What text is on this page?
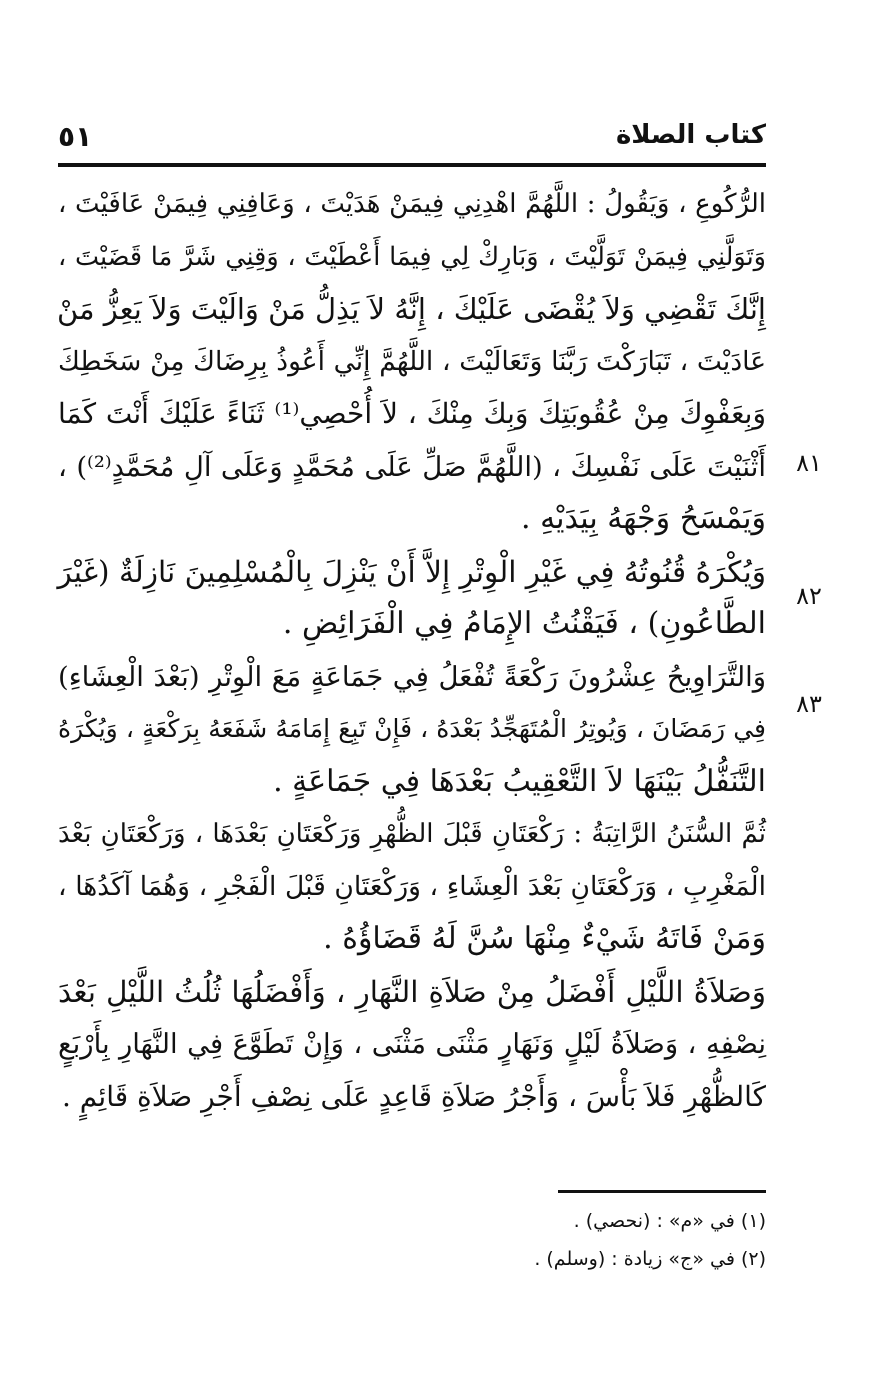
كتاب الصلاة
٥١
٨١
٨٢
٨٣
الرُّكُوعِ ، وَيَقُولُ : اللَّهُمَّ اهْدِنِي فِيمَنْ هَدَيْتَ ، وَعَافِنِي فِيمَنْ عَافَيْتَ ،
وَتَوَلَّنِي فِيمَنْ تَوَلَّيْتَ ، وَبَارِكْ لِي فِيمَا أَعْطَيْتَ ، وَقِنِي شَرَّ مَا قَضَيْتَ ،
إِنَّكَ تَقْضِي وَلاَ يُقْضَى عَلَيْكَ ، إِنَّهُ لاَ يَذِلُّ مَنْ وَالَيْتَ وَلاَ يَعِزُّ مَنْ
عَادَيْتَ ، تَبَارَكْتَ رَبَّنَا وَتَعَالَيْتَ ، اللَّهُمَّ إِنِّي أَعُوذُ بِرِضَاكَ مِنْ سَخَطِكَ
وَبِعَفْوِكَ مِنْ عُقُوبَتِكَ وَبِكَ مِنْكَ ، لاَ أُحْصِي⁽¹⁾ ثَنَاءً عَلَيْكَ أَنْتَ كَمَا
أَثْنَيْتَ عَلَى نَفْسِكَ ، (اللَّهُمَّ صَلِّ عَلَى مُحَمَّدٍ وَعَلَى آلِ مُحَمَّدٍ⁽²⁾) ،
وَيَمْسَحُ وَجْهَهُ بِيَدَيْهِ .
وَيُكْرَهُ قُنُوتُهُ فِي غَيْرِ الْوِتْرِ إِلاَّ أَنْ يَنْزِلَ بِالْمُسْلِمِينَ نَازِلَةٌ (غَيْرَ
الطَّاعُونِ) ، فَيَقْنُتُ الإِمَامُ فِي الْفَرَائِضِ .
وَالتَّرَاوِيحُ عِشْرُونَ رَكْعَةً تُفْعَلُ فِي جَمَاعَةٍ مَعَ الْوِتْرِ (بَعْدَ الْعِشَاءِ)
فِي رَمَضَانَ ، وَيُوتِرُ الْمُتَهَجِّدُ بَعْدَهُ ، فَإِنْ تَبِعَ إِمَامَهُ شَفَعَهُ بِرَكْعَةٍ ، وَيُكْرَهُ
التَّنَفُّلُ بَيْنَهَا لاَ التَّعْقِيبُ بَعْدَهَا فِي جَمَاعَةٍ .
ثُمَّ السُّنَنُ الرَّاتِبَةُ : رَكْعَتَانِ قَبْلَ الظُّهْرِ وَرَكْعَتَانِ بَعْدَهَا ، وَرَكْعَتَانِ بَعْدَ
الْمَغْرِبِ ، وَرَكْعَتَانِ بَعْدَ الْعِشَاءِ ، وَرَكْعَتَانِ قَبْلَ الْفَجْرِ ، وَهُمَا آكَدُهَا ،
وَمَنْ فَاتَهُ شَيْءٌ مِنْهَا سُنَّ لَهُ قَضَاؤُهُ .
وَصَلاَةُ اللَّيْلِ أَفْضَلُ مِنْ صَلاَةِ النَّهَارِ ، وَأَفْضَلُهَا ثُلُثُ اللَّيْلِ بَعْدَ
نِصْفِهِ ، وَصَلاَةُ لَيْلٍ وَنَهَارٍ مَثْنَى مَثْنَى ، وَإِنْ تَطَوَّعَ فِي النَّهَارِ بِأَرْبَعٍ
كَالظُّهْرِ فَلاَ بَأْسَ ، وَأَجْرُ صَلاَةِ قَاعِدٍ عَلَى نِصْفِ أَجْرِ صَلاَةِ قَائِمٍ .
(١) في «م» : (نحصي) .
(٢) في «ج» زيادة : (وسلم) .
